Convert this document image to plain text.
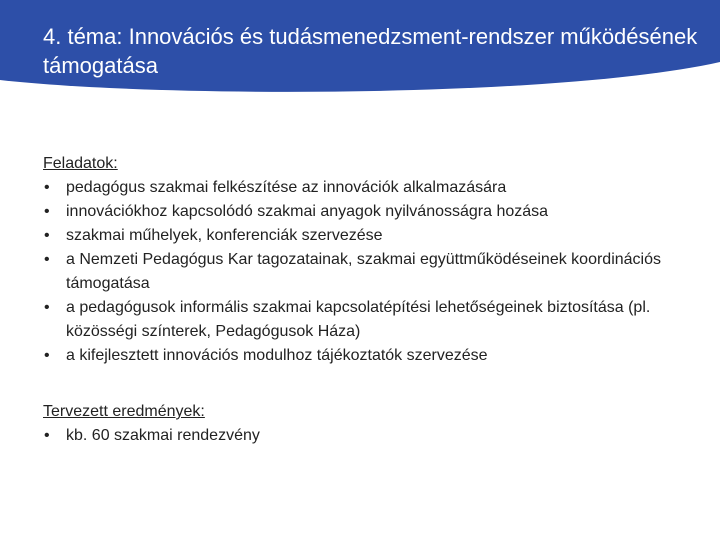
4. téma: Innovációs és tudásmenedzsment-rendszer működésének támogatása
Feladatok:
• pedagógus szakmai felkészítése az innovációk alkalmazására
• innovációkhoz kapcsolódó szakmai anyagok nyilvánosságra hozása
• szakmai műhelyek, konferenciák szervezése
• a Nemzeti Pedagógus Kar tagozatainak, szakmai együttműködéseinek koordinációs támogatása
• a pedagógusok informális szakmai kapcsolatépítési lehetőségeinek biztosítása (pl. közösségi színterek, Pedagógusok Háza)
• a kifejlesztett innovációs modulhoz tájékoztatók szervezése
Tervezett eredmények:
• kb. 60 szakmai rendezvény
